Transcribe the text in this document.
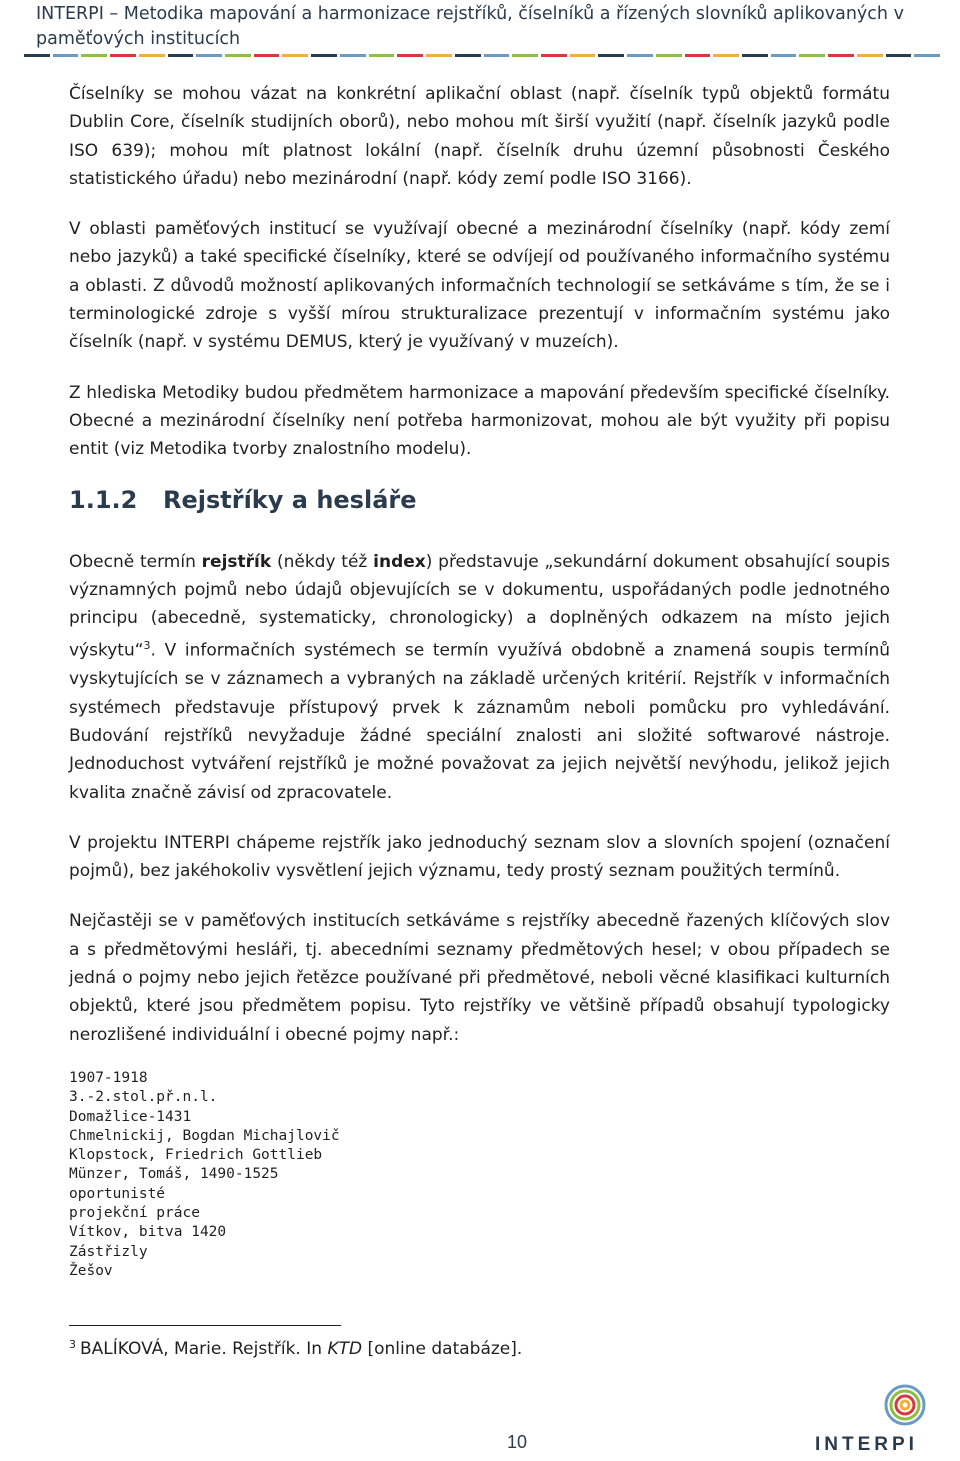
INTERPI – Metodika mapování a harmonizace rejstříků, číselníků a řízených slovníků aplikovaných v paměťových institucích

Číselníky se mohou vázat na konkrétní aplikační oblast (např. číselník typů objektů formátu Dublin Core, číselník studijních oborů), nebo mohou mít širší využití (např. číselník jazyků podle ISO 639); mohou mít platnost lokální (např. číselník druhu územní působnosti Českého statistického úřadu) nebo mezinárodní (např. kódy zemí podle ISO 3166).

V oblasti paměťových institucí se využívají obecné a mezinárodní číselníky (např. kódy zemí nebo jazyků) a také specifické číselníky, které se odvíjejí od používaného informačního systému a oblasti. Z důvodů možností aplikovaných informačních technologií se setkáváme s tím, že se i terminologické zdroje s vyšší mírou strukturalizace prezentují v informačním systému jako číselník (např. v systému DEMUS, který je využívaný v muzeích).

Z hlediska Metodiky budou předmětem harmonizace a mapování především specifické číselníky. Obecné a mezinárodní číselníky není potřeba harmonizovat, mohou ale být využity při popisu entit (viz Metodika tvorby znalostního modelu).

1.1.2	Rejstříky a hesláře

Obecně termín rejstřík (někdy též index) představuje „sekundární dokument obsahující soupis významných pojmů nebo údajů objevujících se v dokumentu, uspořádaných podle jednotného principu (abecedně, systematicky, chronologicky) a doplněných odkazem na místo jejich výskytu“$^3$. V informačních systémech se termín využívá obdobně a znamená soupis termínů vyskytujících se v záznamech a vybraných na základě určených kritérií. Rejstřík v informačních systémech představuje přístupový prvek k záznamům neboli pomůcku pro vyhledávání. Budování rejstříků nevyžaduje žádné speciální znalosti ani složité softwarové nástroje. Jednoduchost vytváření rejstříků je možné považovat za jejich největší nevýhodu, jelikož jejich kvalita značně závisí od zpracovatele.

V projektu INTERPI chápeme rejstřík jako jednoduchý seznam slov a slovních spojení (označení pojmů), bez jakéhokoliv vysvětlení jejich významu, tedy prostý seznam použitých termínů.

Nejčastěji se v paměťových institucích setkáváme s rejstříky abecedně řazených klíčových slov a s předmětovými hesláři, tj. abecedními seznamy předmětových hesel; v obou případech se jedná o pojmy nebo jejich řetězce používané při předmětové, neboli věcné klasifikaci kulturních objektů, které jsou předmětem popisu. Tyto rejstříky ve většině případů obsahují typologicky nerozlišené individuální i obecné pojmy např.:

1907-1918
3.-2.stol.př.n.l.
Domažlice-1431
Chmelnickij, Bogdan Michajlovič
Klopstock, Friedrich Gottlieb
Münzer, Tomáš, 1490-1525
oportunisté
projekční práce
Vítkov, bitva 1420
Zástřizly
Žešov
$^3$ BALÍKOVÁ, Marie. Rejstřík. In KTD [online databáze].
10	INTERPI
